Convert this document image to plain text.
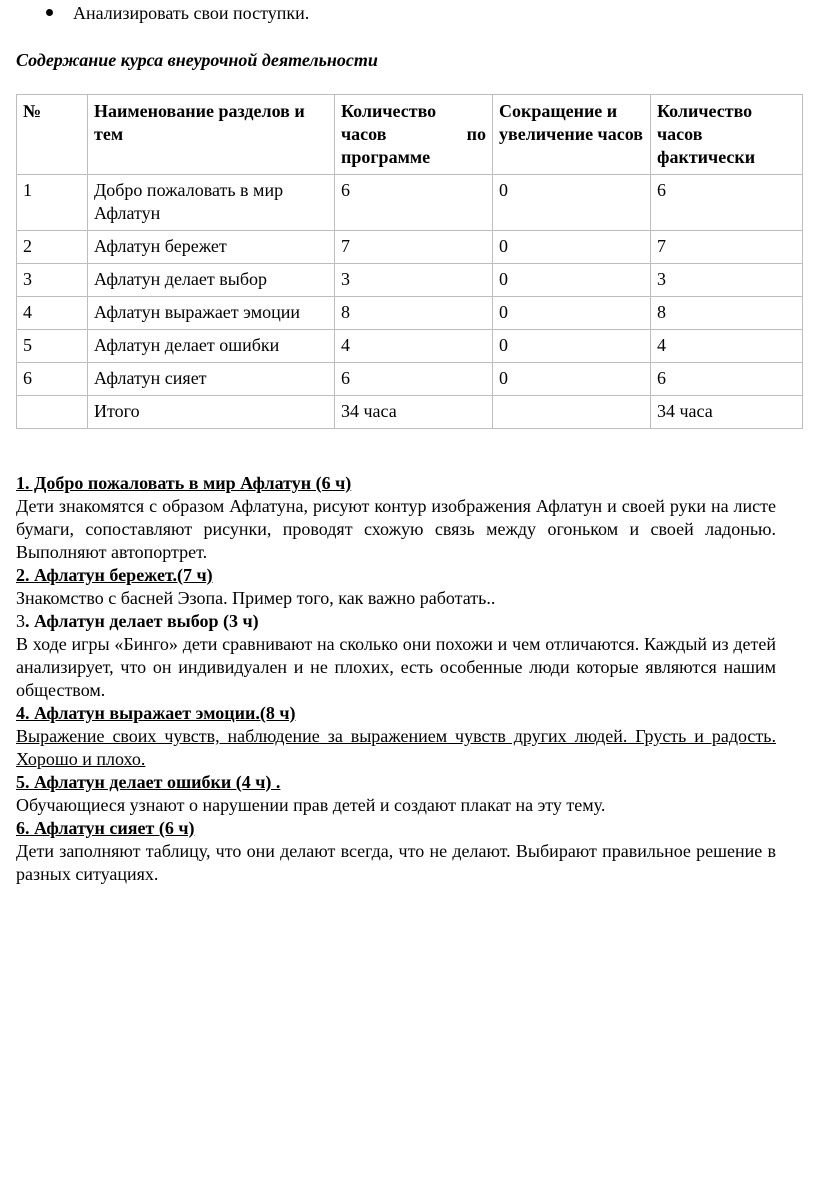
Анализировать свои поступки.
Содержание курса внеурочной деятельности
№	Наименование разделов и тем	Количество
часов по
программе	Сокращение и увеличение часов	Количество часов фактически
1	Добро пожаловать в мир Афлатун	6	0	6
2	Афлатун бережет	7	0	7
3	Афлатун делает выбор	3	0	3
4	Афлатун выражает эмоции	8	0	8
5	Афлатун делает ошибки	4	0	4
6	Афлатун сияет	6	0	6
	Итого	34 часа		34 часа
1. Добро пожаловать в мир Афлатун (6 ч)

Дети знакомятся с образом Афлатуна, рисуют контур изображения Афлатун и своей руки на листе бумаги, сопоставляют рисунки, проводят схожую связь между огоньком и своей ладонью. Выполняют автопортрет.

2. Афлатун бережет.(7 ч)

Знакомство с басней Эзопа. Пример того, как важно работать..

3. Афлатун делает выбор (3 ч)

В ходе игры «Бинго» дети сравнивают на сколько они похожи и чем отличаются. Каждый из детей анализирует, что он индивидуален и не плохих, есть особенные люди которые являются нашим обществом.

4. Афлатун выражает эмоции.(8 ч)

Выражение своих чувств, наблюдение за выражением чувств других людей. Грусть и радость. Хорошо и плохо.

5. Афлатун делает ошибки (4 ч) .

Обучающиеся узнают о нарушении прав детей и создают плакат на эту тему.

6. Афлатун сияет (6 ч)

Дети заполняют таблицу, что они делают всегда, что не делают. Выбирают правильное решение в разных ситуациях.
